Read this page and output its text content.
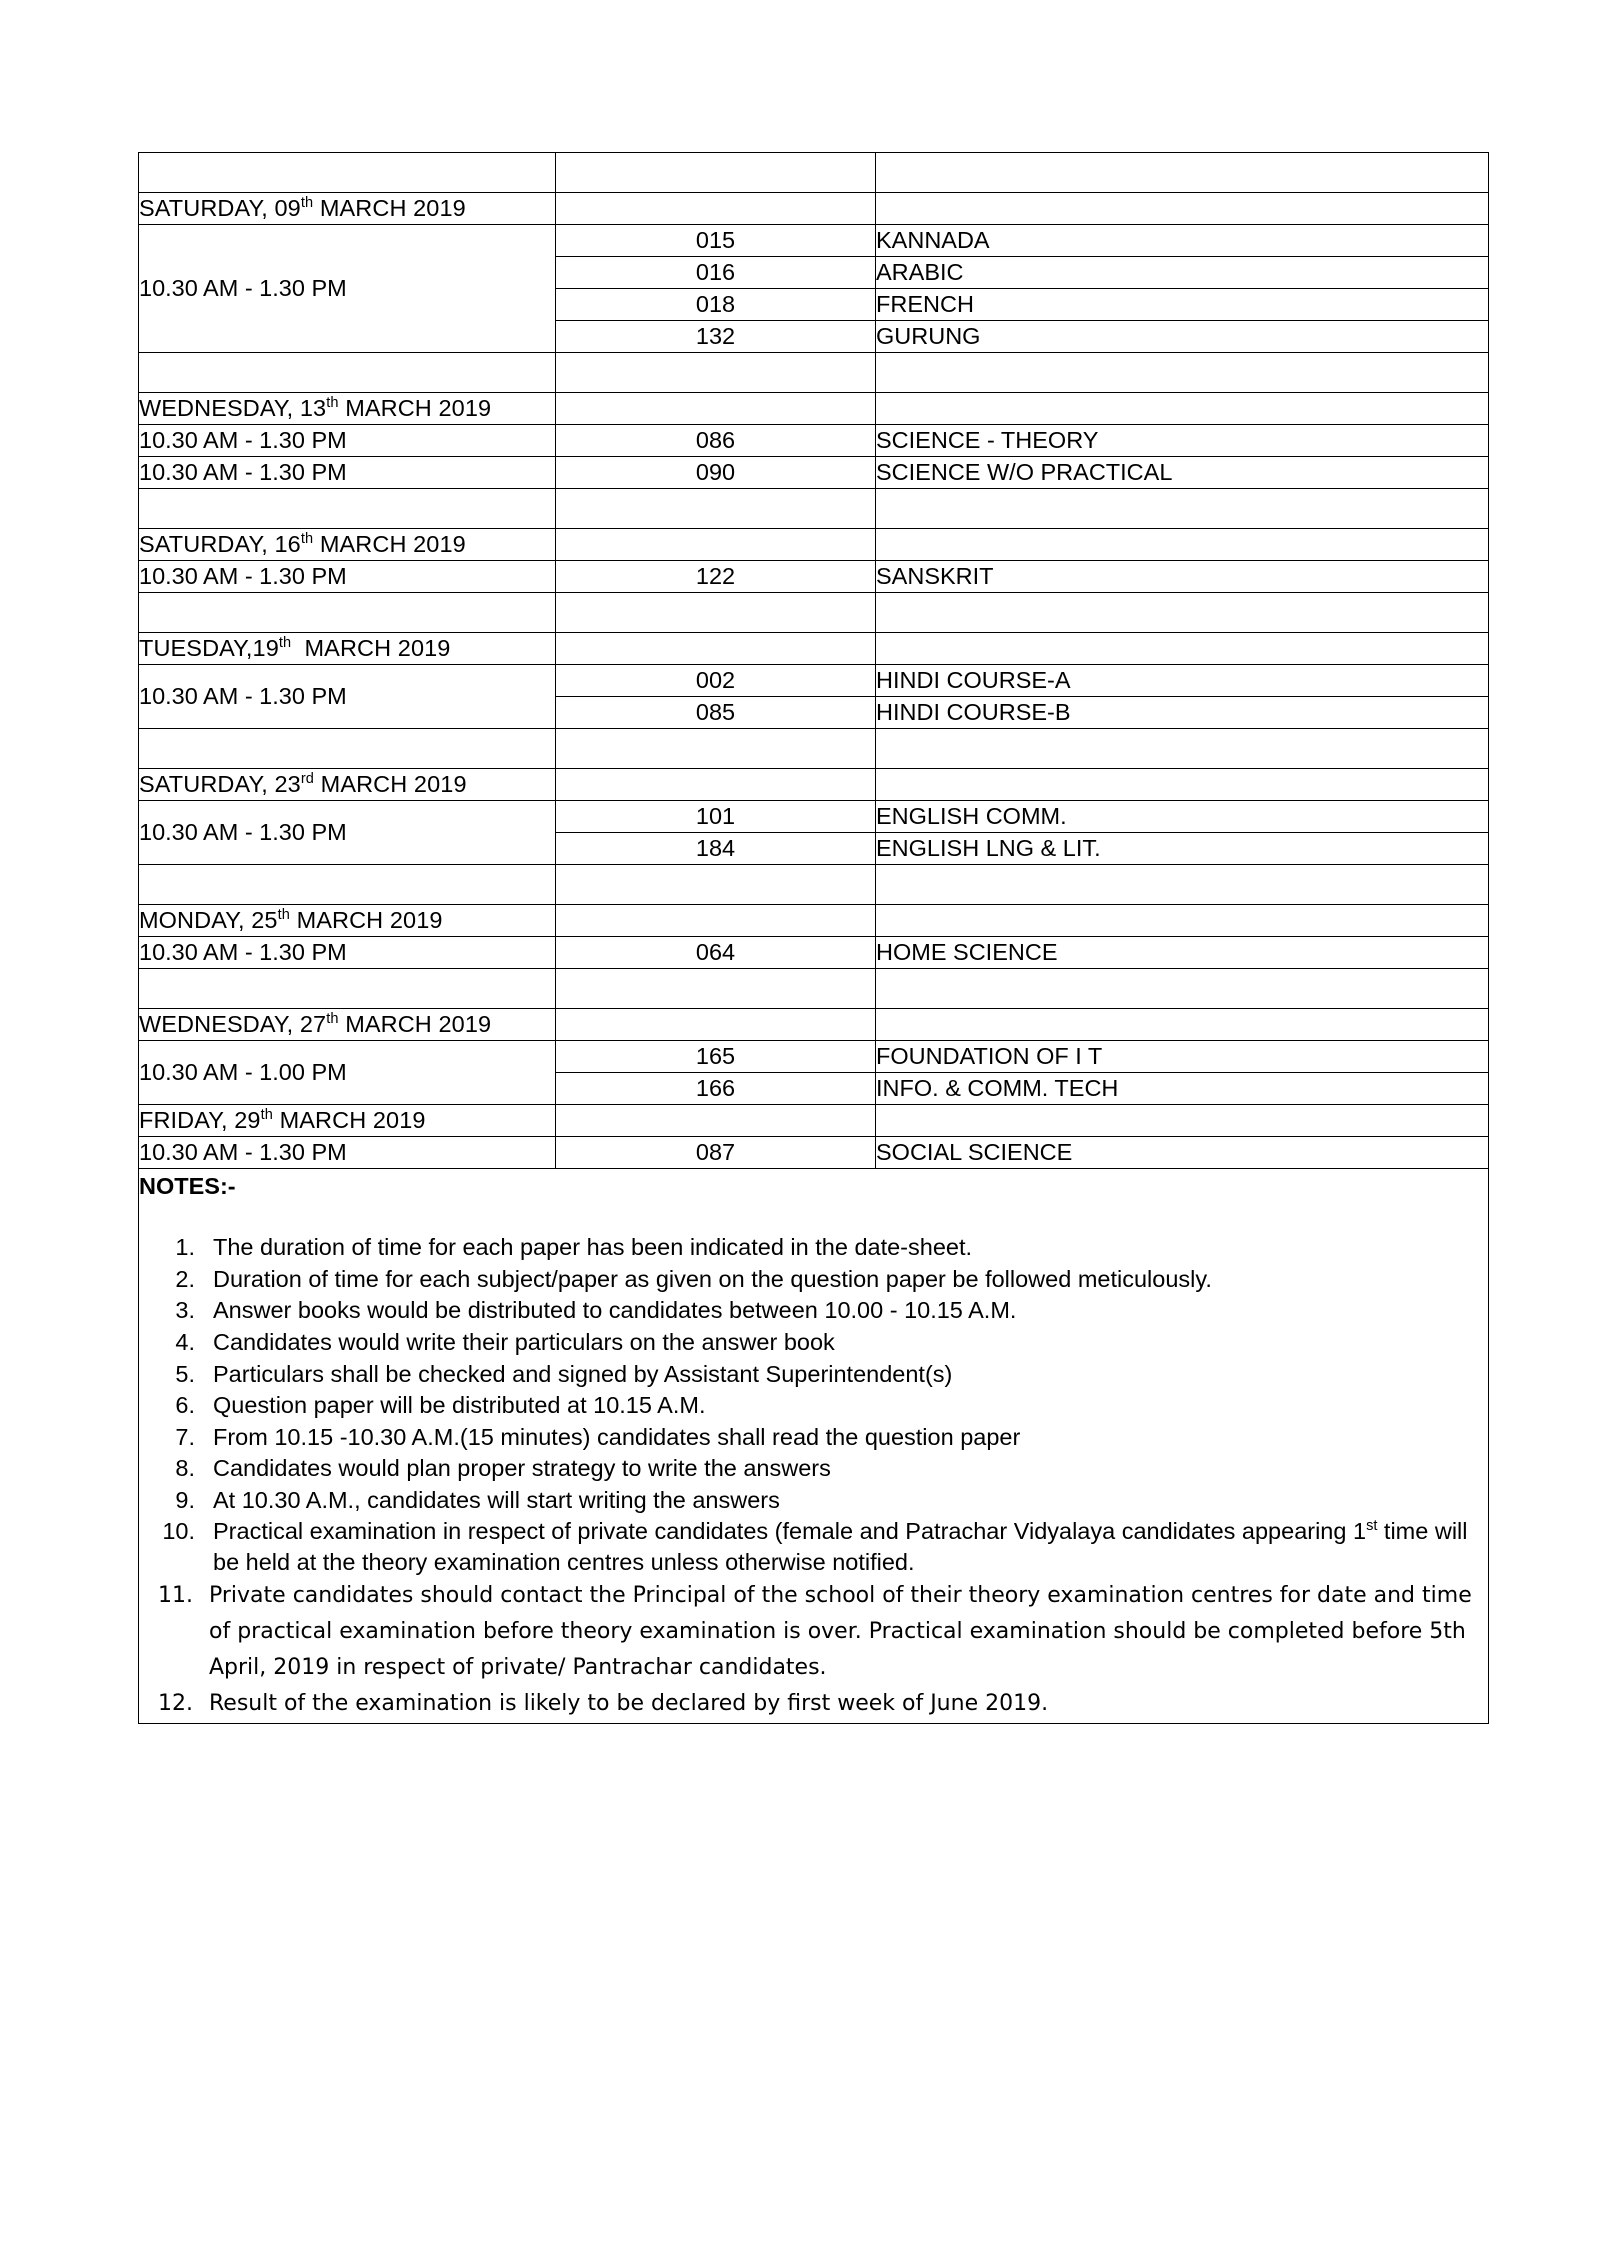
SATURDAY, 09th MARCH 2019		
10.30 AM - 1.30 PM	015	KANNADA
	016	ARABIC
	018	FRENCH
	132	GURUNG

WEDNESDAY, 13th MARCH 2019		
10.30 AM - 1.30 PM	086	SCIENCE - THEORY
10.30 AM - 1.30 PM	090	SCIENCE W/O PRACTICAL

SATURDAY, 16th MARCH 2019		
10.30 AM - 1.30 PM	122	SANSKRIT

TUESDAY,19th  MARCH 2019		
10.30 AM - 1.30 PM	002	HINDI COURSE-A
	085	HINDI COURSE-B

SATURDAY, 23rd MARCH 2019		
10.30 AM - 1.30 PM	101	ENGLISH COMM.
	184	ENGLISH LNG & LIT.

MONDAY, 25th MARCH 2019		
10.30 AM - 1.30 PM	064	HOME SCIENCE

WEDNESDAY, 27th MARCH 2019		
10.30 AM - 1.00 PM	165	FOUNDATION OF I T
	166	INFO. & COMM. TECH
FRIDAY, 29th MARCH 2019		
10.30 AM - 1.30 PM	087	SOCIAL SCIENCE

NOTES:-
1. The duration of time for each paper has been indicated in the date-sheet.
2. Duration of time for each subject/paper as given on the question paper be followed meticulously.
3. Answer books would be distributed to candidates between 10.00 - 10.15 A.M.
4. Candidates would write their particulars on the answer book
5. Particulars shall be checked and signed by Assistant Superintendent(s)
6. Question paper will be distributed at 10.15 A.M.
7. From 10.15 -10.30 A.M.(15 minutes) candidates shall read the question paper
8. Candidates would plan proper strategy to write the answers
9. At 10.30 A.M., candidates will start writing the answers
10. Practical examination in respect of private candidates (female and Patrachar Vidyalaya candidates appearing 1st time will be held at the theory examination centres unless otherwise notified.
11. Private candidates should contact the Principal of the school of their theory examination centres for date and time of practical examination before theory examination is over. Practical examination should be completed before 5th April, 2019 in respect of private/ Pantrachar candidates.
12. Result of the examination is likely to be declared by first week of June 2019.
